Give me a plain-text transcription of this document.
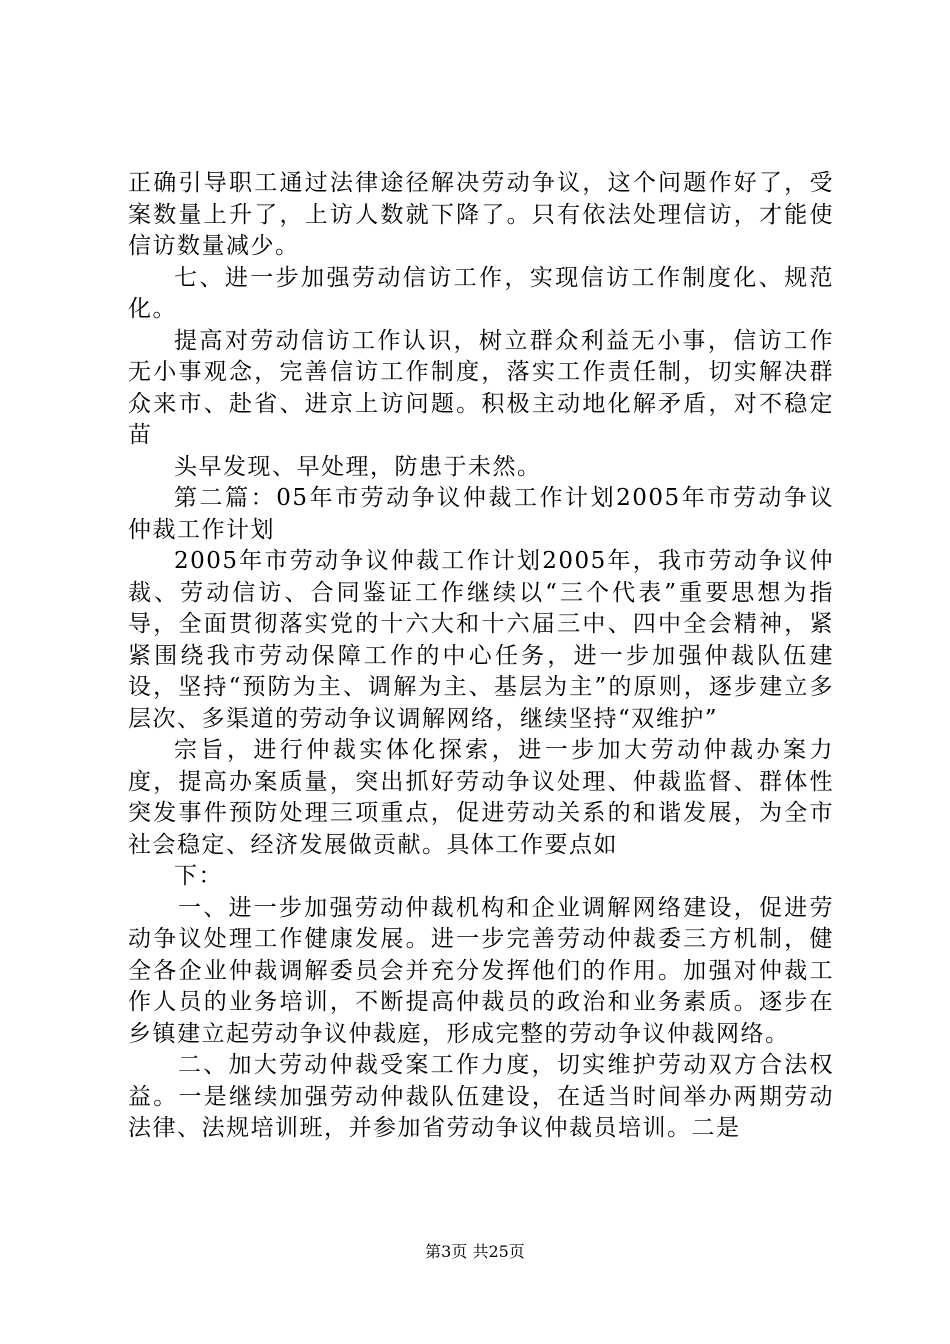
正确引导职工通过法律途径解决劳动争议，这个问题作好了，受案数量上升了，上访人数就下降了。只有依法处理信访，才能使信访数量减少。

七、进一步加强劳动信访工作，实现信访工作制度化、规范化。

提高对劳动信访工作认识，树立群众利益无小事，信访工作无小事观念，完善信访工作制度，落实工作责任制，切实解决群众来市、赴省、进京上访问题。积极主动地化解矛盾，对不稳定苗

头早发现、早处理，防患于未然。

第二篇：05年市劳动争议仲裁工作计划2005年市劳动争议仲裁工作计划

2005年市劳动争议仲裁工作计划2005年，我市劳动争议仲裁、劳动信访、合同鉴证工作继续以“三个代表”重要思想为指导，全面贯彻落实党的十六大和十六届三中、四中全会精神，紧紧围绕我市劳动保障工作的中心任务，进一步加强仲裁队伍建设，坚持“预防为主、调解为主、基层为主”的原则，逐步建立多层次、多渠道的劳动争议调解网络，继续坚持“双维护”

宗旨，进行仲裁实体化探索，进一步加大劳动仲裁办案力度，提高办案质量，突出抓好劳动争议处理、仲裁监督、群体性突发事件预防处理三项重点，促进劳动关系的和谐发展，为全市社会稳定、经济发展做贡献。具体工作要点如

下：

一、进一步加强劳动仲裁机构和企业调解网络建设，促进劳动争议处理工作健康发展。进一步完善劳动仲裁委三方机制，健全各企业仲裁调解委员会并充分发挥他们的作用。加强对仲裁工作人员的业务培训，不断提高仲裁员的政治和业务素质。逐步在乡镇建立起劳动争议仲裁庭，形成完整的劳动争议仲裁网络。

二、加大劳动仲裁受案工作力度，切实维护劳动双方合法权益。一是继续加强劳动仲裁队伍建设，在适当时间举办两期劳动法律、法规培训班，并参加省劳动争议仲裁员培训。二是

第3页 共25页
